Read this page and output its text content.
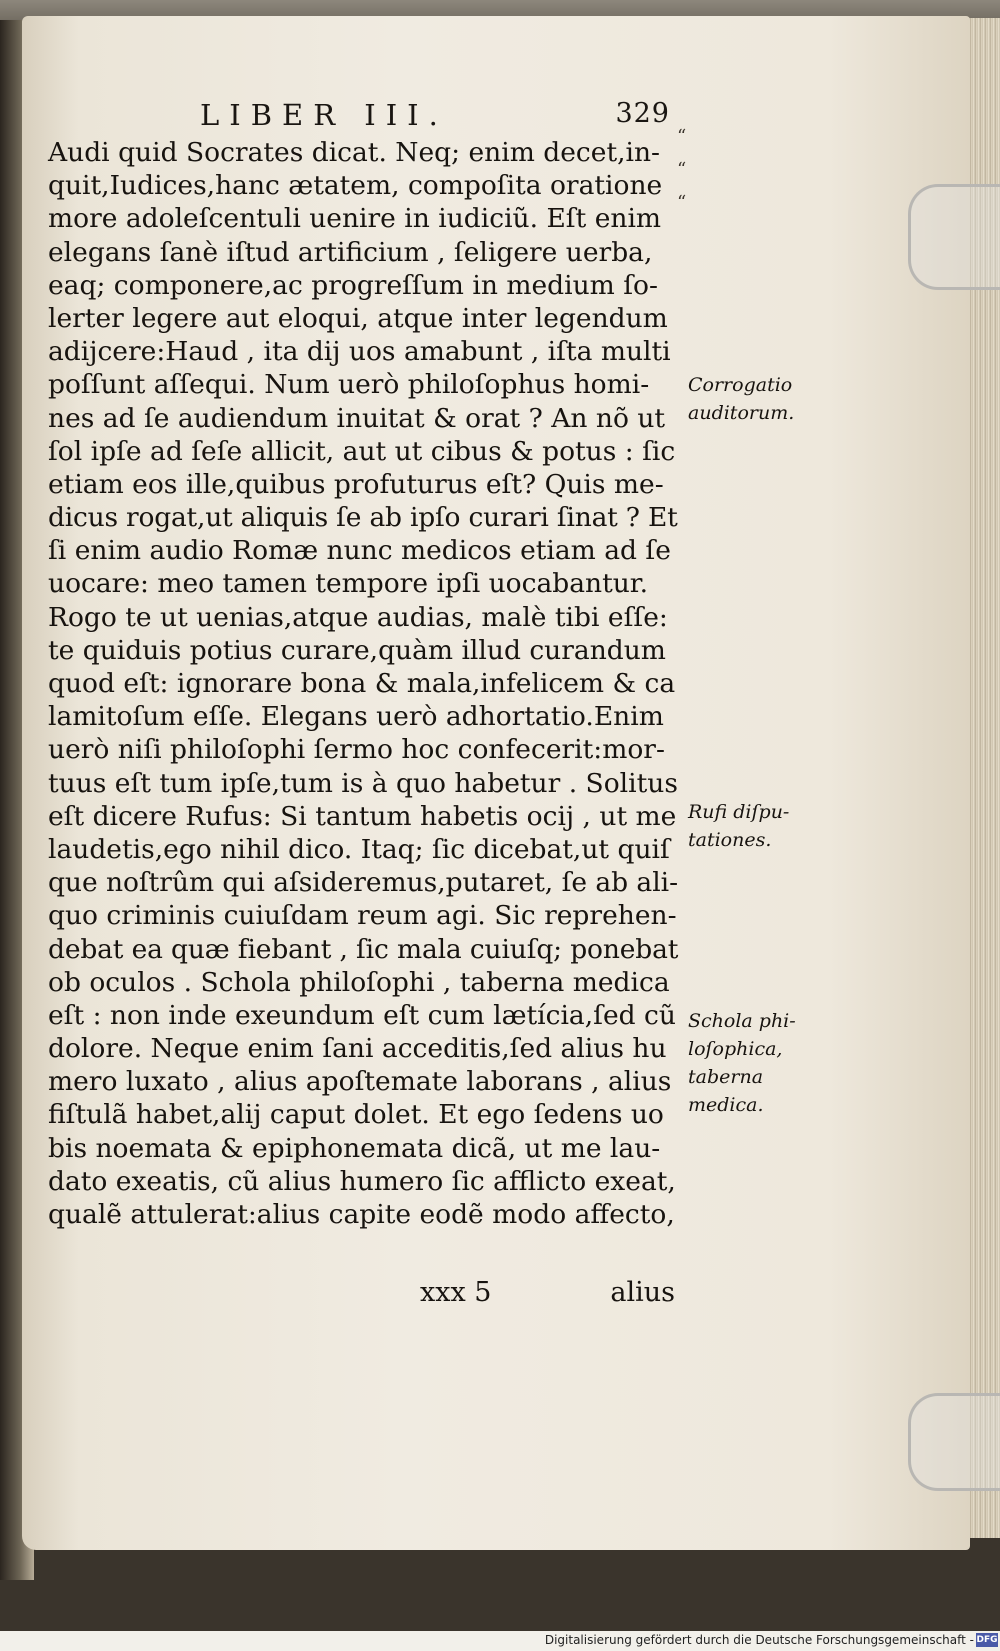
LIBER III.	329
Audi quid Socrates dicat. Neq; enim decet,in-
quit,Iudices,hanc ætatem, compoſita oratione
more adoleſcentuli uenire in iudiciũ. Eſt enim
elegans ſanè iſtud artificium , ſeligere uerba,
eaq; componere,ac progreſſum in medium ſo-
lerter legere aut eloqui, atque inter legendum
adijcere:Haud , ita dij uos amabunt , iſta multi
poſſunt aſſequi. Num uerò philoſophus homi-
nes ad ſe audiendum inuitat & orat ? An nõ ut
ſol ipſe ad ſeſe allicit, aut ut cibus & potus : ſic
etiam eos ille,quibus profuturus eſt? Quis me-
dicus rogat,ut aliquis ſe ab ipſo curari ſinat ? Et
ſi enim audio Romæ nunc medicos etiam ad ſe
uocare: meo tamen tempore ipſi uocabantur.
Rogo te ut uenias,atque audias, malè tibi eſſe:
te quiduis potius curare,quàm illud curandum
quod eſt: ignorare bona & mala,infelicem & ca
lamitoſum eſſe. Elegans uerò adhortatio.Enim
uerò niſi philoſophi ſermo hoc confecerit:mor-
tuus eſt tum ipſe,tum is à quo habetur . Solitus
eſt dicere Rufus: Si tantum habetis ocij , ut me
laudetis,ego nihil dico. Itaq; ſic dicebat,ut quiſ
que noſtrûm qui aſsideremus,putaret, ſe ab ali-
quo criminis cuiuſdam reum agi. Sic reprehen-
debat ea quæ fiebant , ſic mala cuiuſq; ponebat
ob oculos . Schola philoſophi , taberna medica
eſt : non inde exeundum eſt cum lætícia,ſed cũ
dolore. Neque enim ſani acceditis,ſed alius hu
mero luxato , alius apoſtemate laborans , alius
fiſtulã habet,alij caput dolet. Et ego ſedens uo
bis noemata & epiphonemata dicã, ut me lau-
dato exeatis, cũ alius humero ſic afflicto exeat,
qualẽ attulerat:alius capite eodẽ modo affecto,
“
“
“
Corrogatio
auditorum.
Rufi diſpu-
tationes.
Schola phi-
loſophica,
taberna
medica.
xxx 5	alius
Digitalisierung gefördert durch die Deutsche Forschungsgemeinschaft - DFG
